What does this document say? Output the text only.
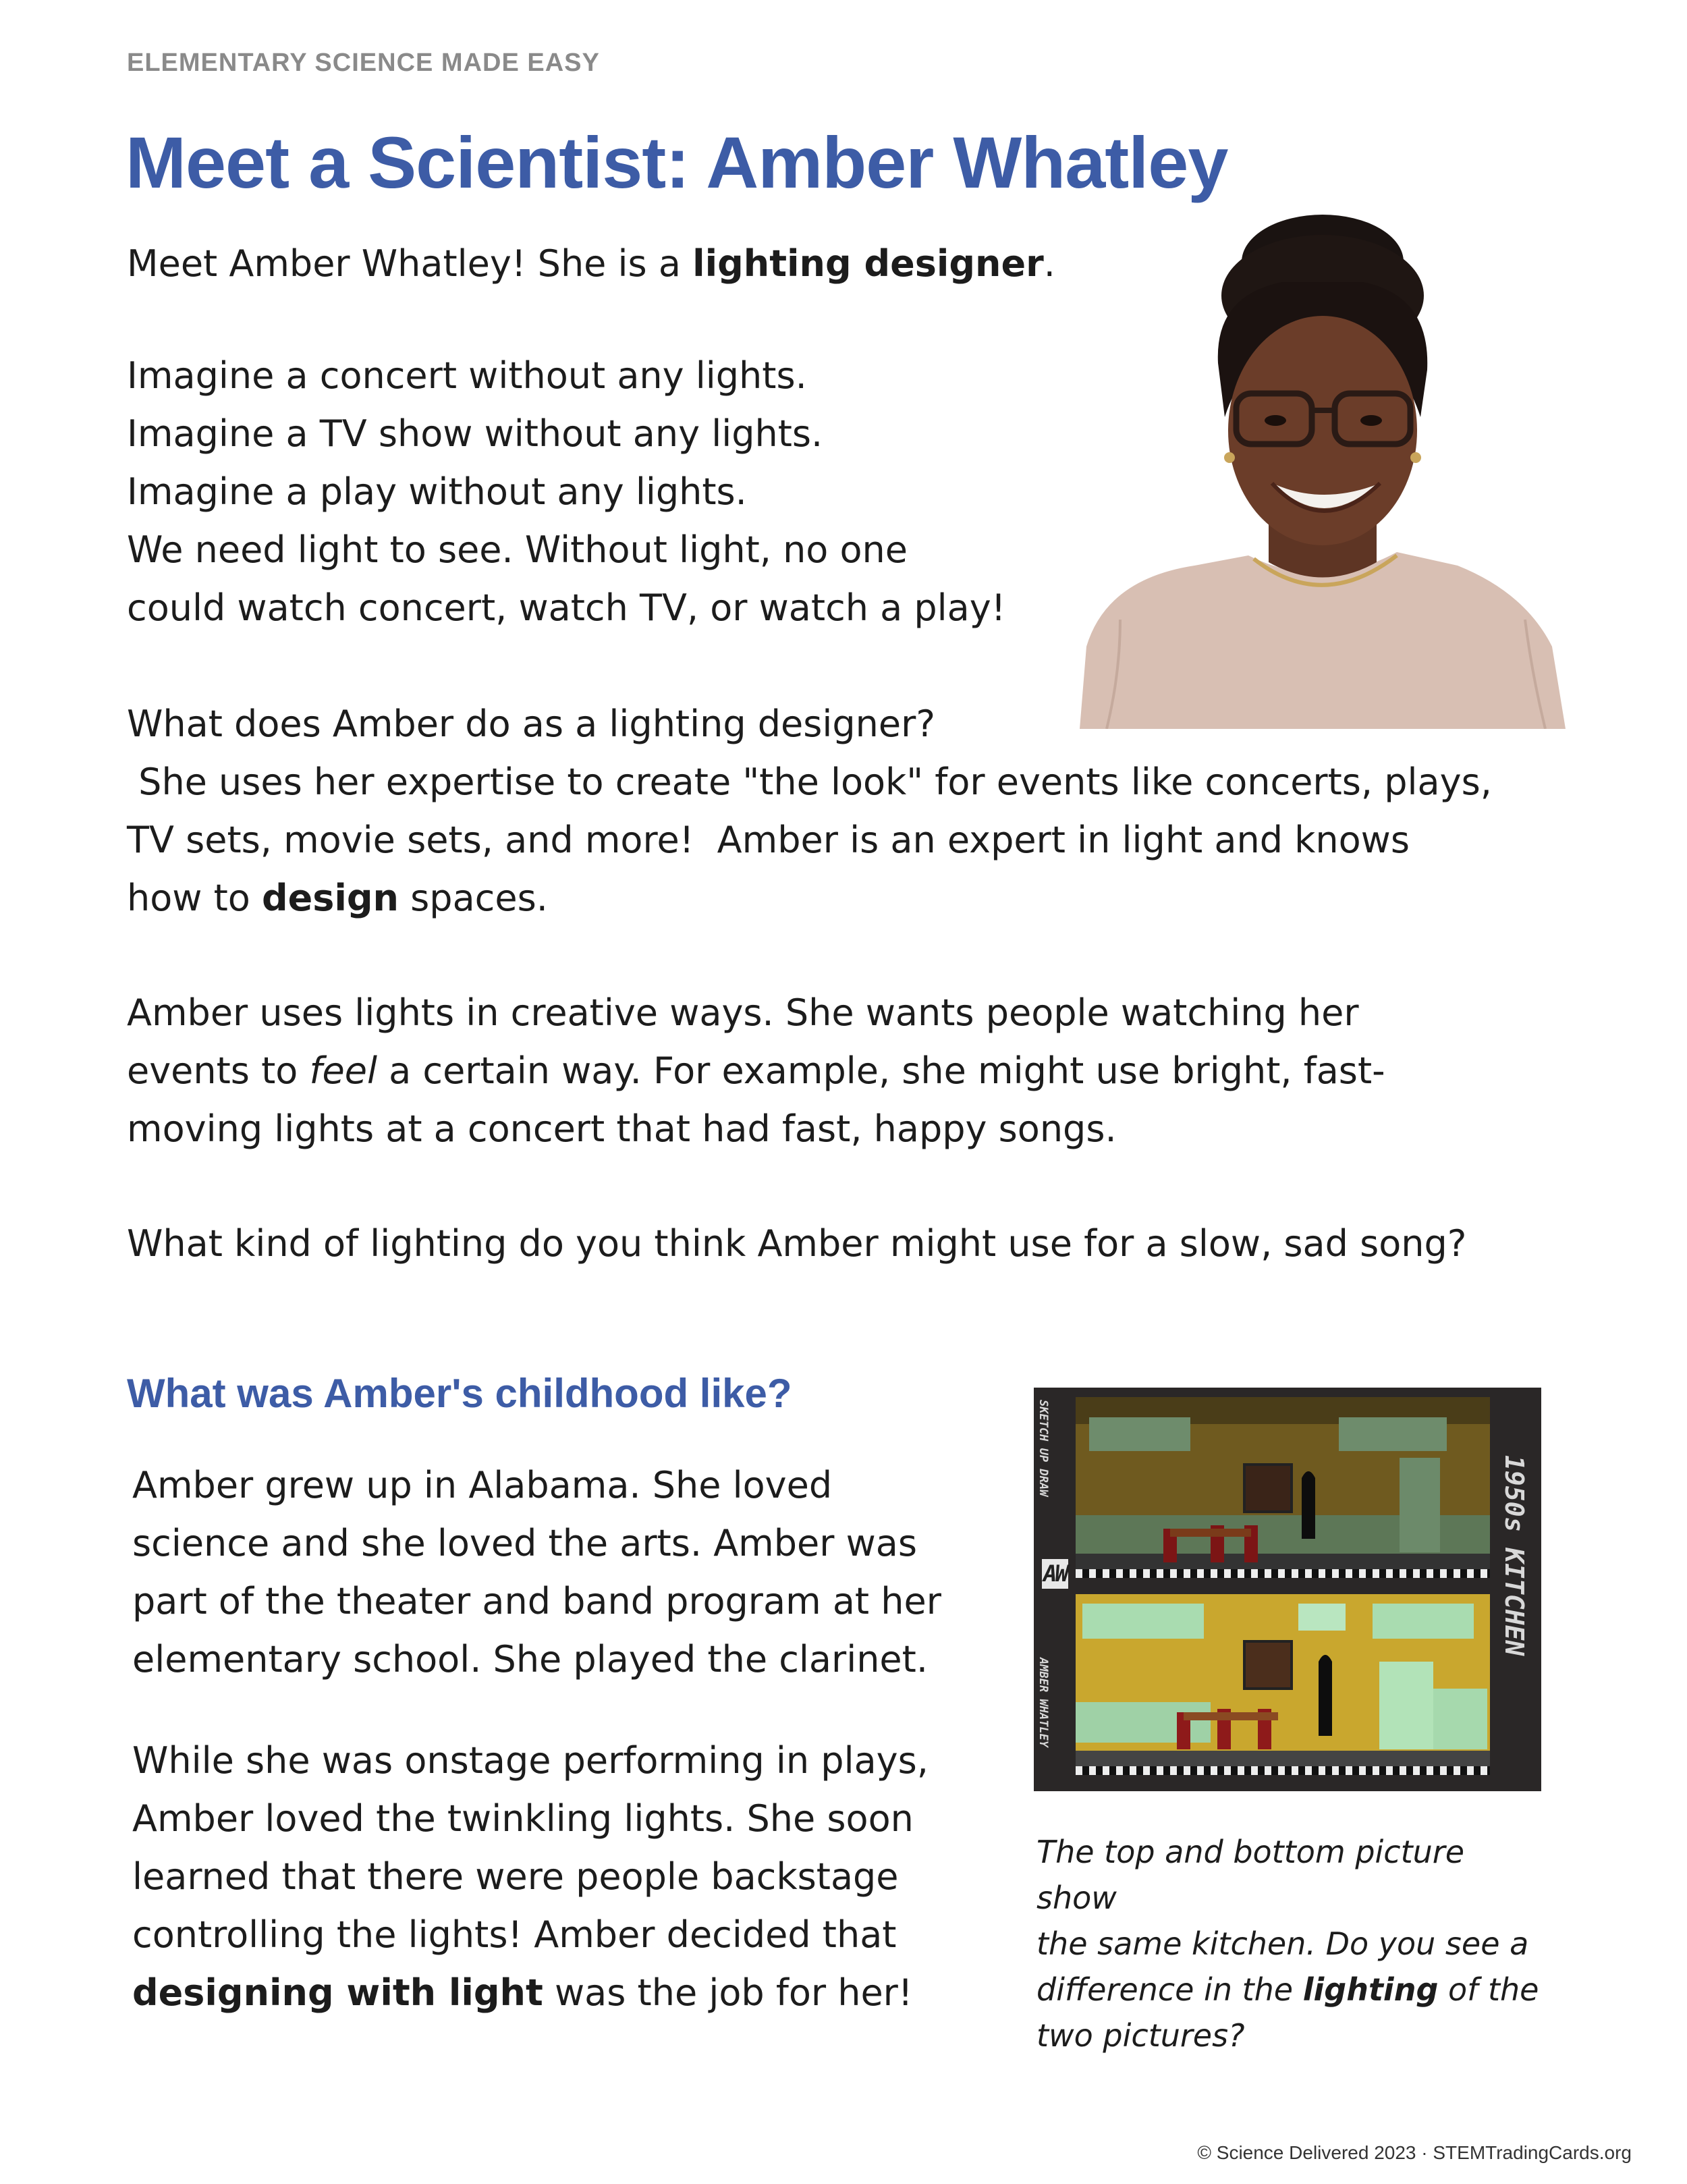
ELEMENTARY SCIENCE MADE EASY
Meet a Scientist: Amber Whatley
Meet Amber Whatley! She is a lighting designer.
Imagine a concert without any lights.
Imagine a TV show without any lights.
Imagine a play without any lights.
We need light to see. Without light, no one
could watch concert, watch TV, or watch a play!
What does Amber do as a lighting designer?
She uses her expertise to create "the look" for events like concerts, plays,
TV sets, movie sets, and more!  Amber is an expert in light and knows
how to design spaces.
Amber uses lights in creative ways. She wants people watching her
events to feel a certain way. For example, she might use bright, fast-
moving lights at a concert that had fast, happy songs.
What kind of lighting do you think Amber might use for a slow, sad song?
What was Amber's childhood like?
Amber grew up in Alabama. She loved
science and she loved the arts. Amber was
part of the theater and band program at her
elementary school. She played the clarinet.
While she was onstage performing in plays,
Amber loved the twinkling lights. She soon
learned that there were people backstage
controlling the lights! Amber decided that
designing with light was the job for her!
SKETCH UP DRAW
AW
AMBER WHATLEY
1950s KITCHEN
The top and bottom picture show
the same kitchen. Do you see a
difference in the lighting of the
two pictures?
© Science Delivered 2023 · STEMTradingCards.org
